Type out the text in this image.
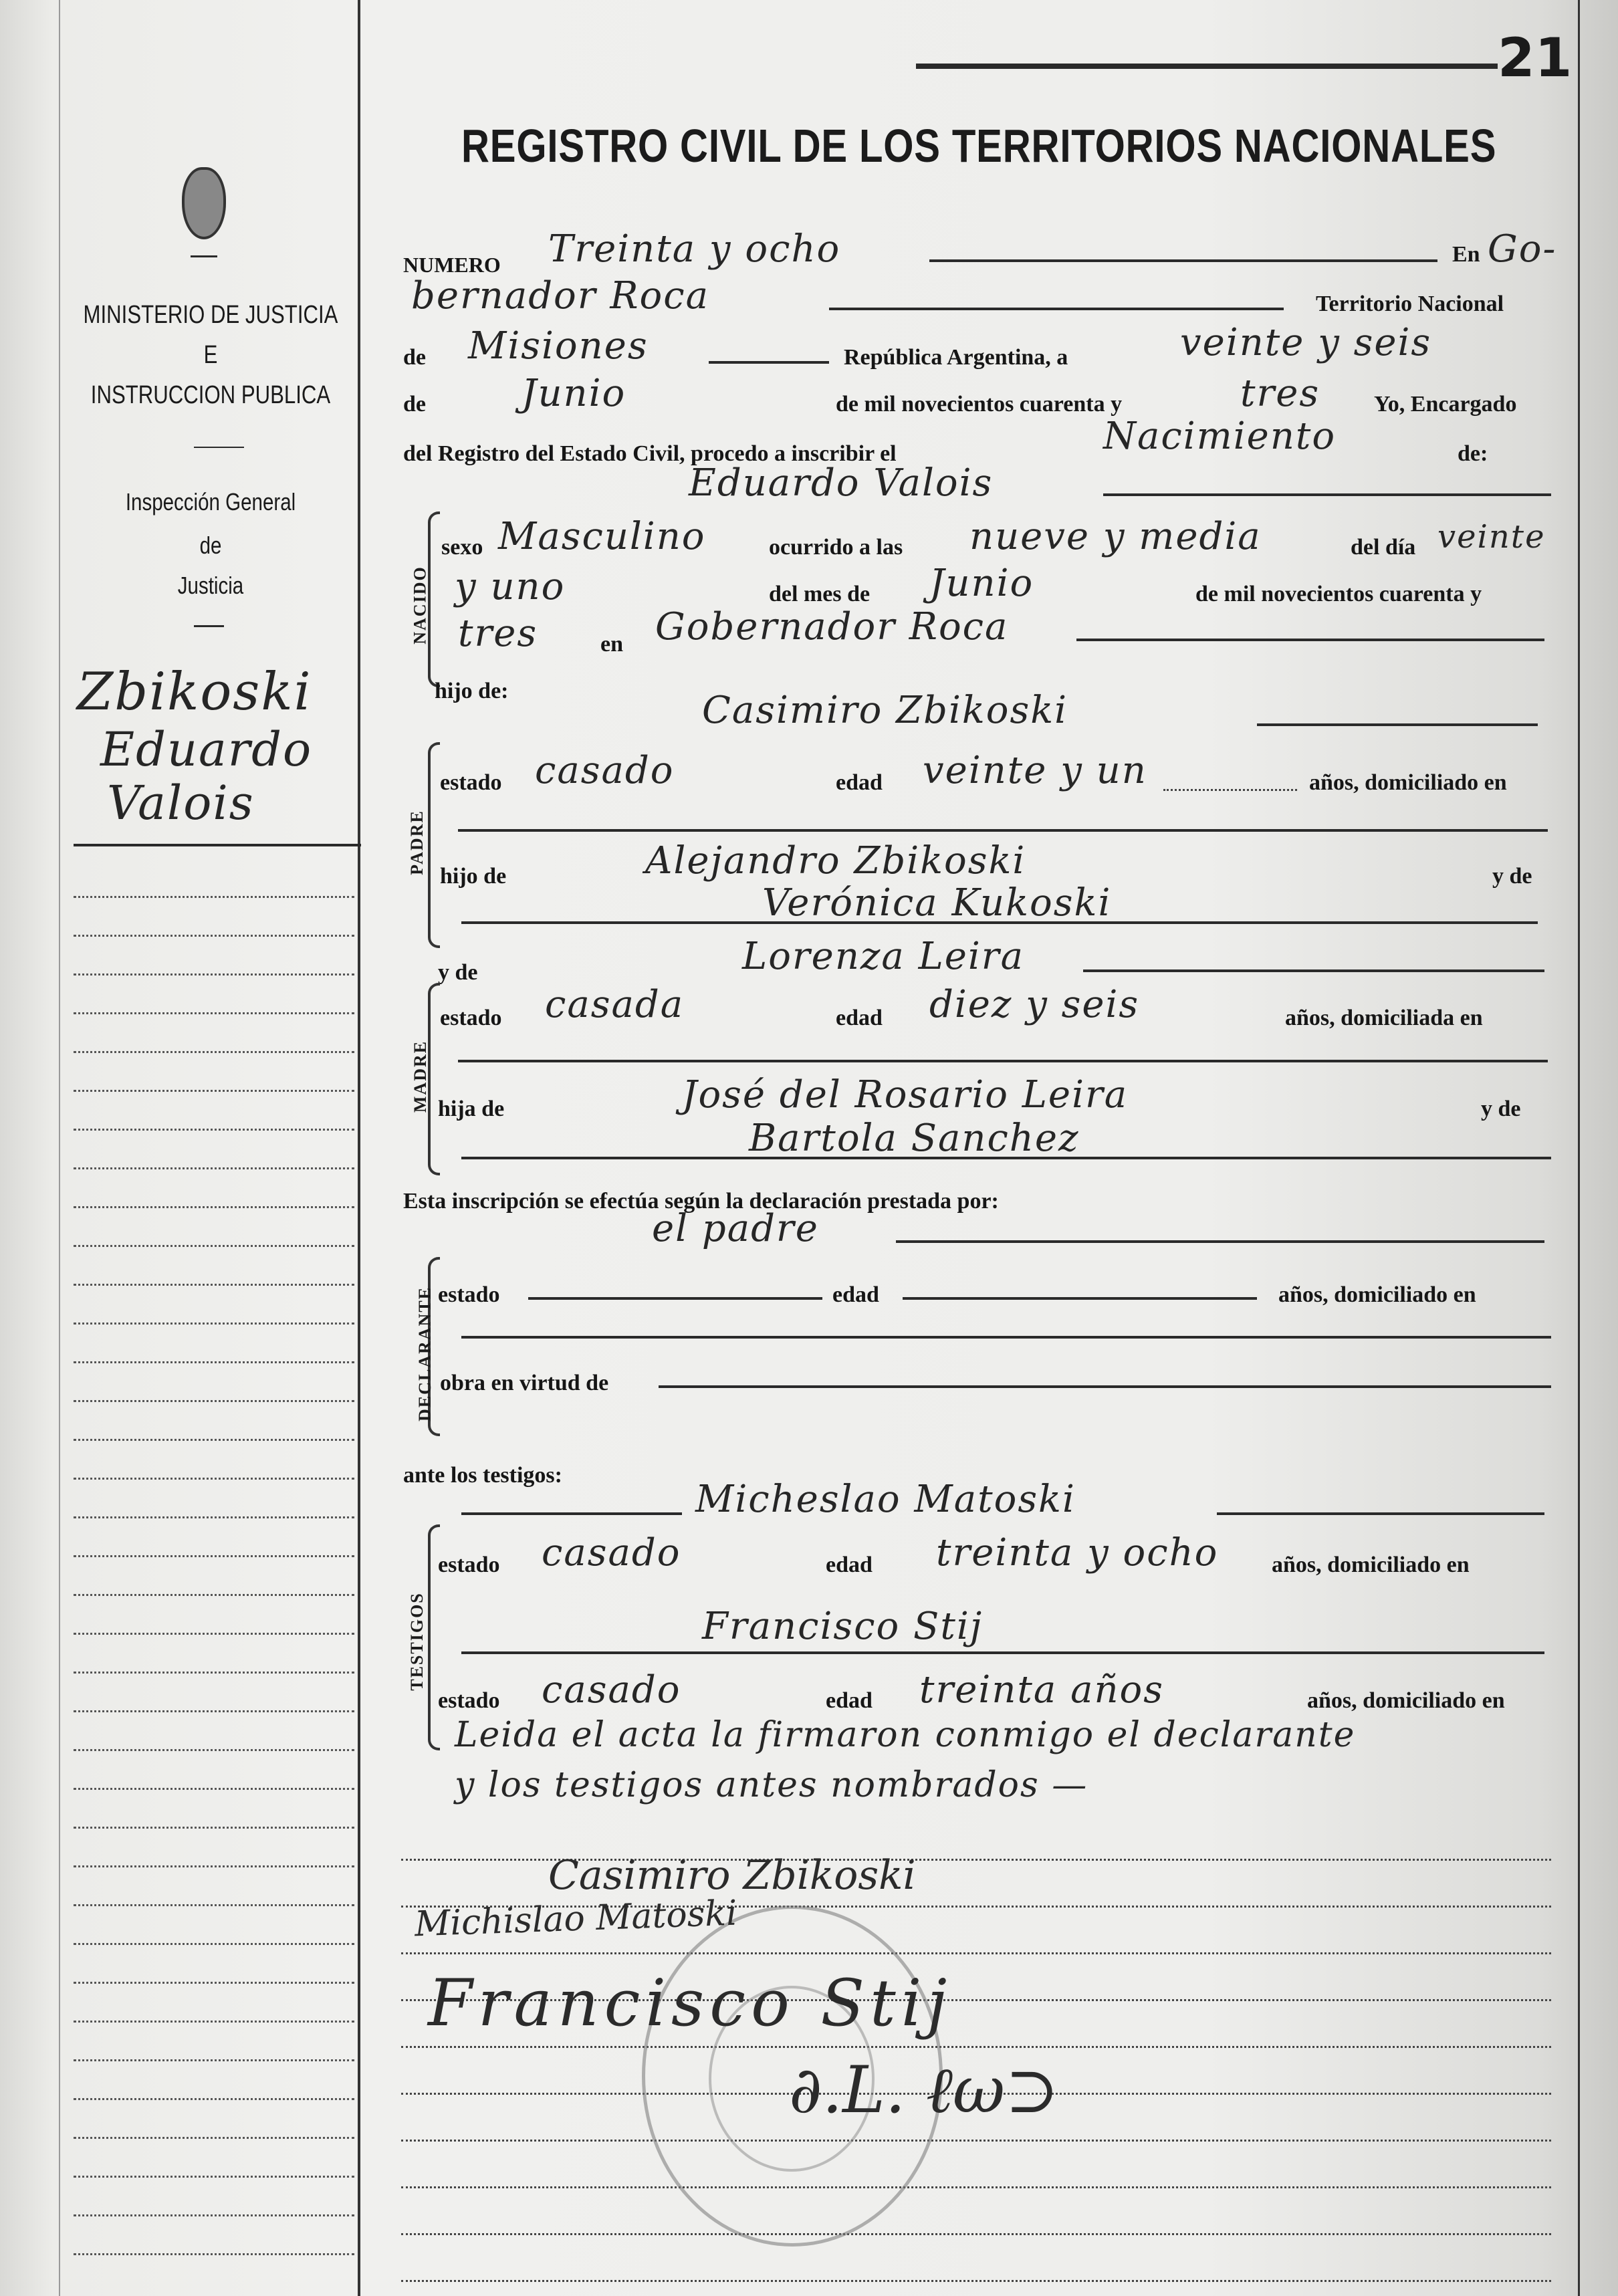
21
REGISTRO CIVIL DE LOS TERRITORIOS NACIONALES
MINISTERIO DE JUSTICIA
E
INSTRUCCION PUBLICA
Inspección General
de
Justicia
Zbikoski
Eduardo
Valois
NUMERO Treinta y ocho	En Go-
bernador Roca	Territorio Nacional
de Misiones	República Argentina, a	veinte y seis
de	Junio	de mil novecientos cuarenta y	tres Yo, Encargado
del Registro del Estado Civil, procedo a inscribir el	Nacimiento	de:
Eduardo Valois
NACIDO
sexo Masculino	ocurrido a las nueve y media	del día veinte
y uno	del mes de Junio	de mil novecientos cuarenta y
tres	en Gobernador Roca
hijo de:	Casimiro Zbikoski
PADRE
estado casado	edad veinte y un	años, domiciliado en
hijo de	Alejandro Zbikoski	y de
Verónica Kukoski
y de	Lorenza Leira
MADRE
estado casada	edad diez y seis	años, domiciliada en
hija de	José del Rosario Leira	y de
Bartola Sanchez
Esta inscripción se efectúa según la declaración prestada por:
el padre
DECLARANTE estado	edad	años, domiciliado en
obra en virtud de
ante los testigos:
Micheslao Matoski
TESTIGOS
estado casado	edad treinta y ocho años, domiciliado en
Francisco Stij
estado casado	edad treinta años	años, domiciliado en
Leida el acta la firmaron conmigo el declarante
y los testigos antes nombrados —
Casimiro Zbikoski
Michislao Matoski
Francisco Stij
∂.L. ℓω⊃
